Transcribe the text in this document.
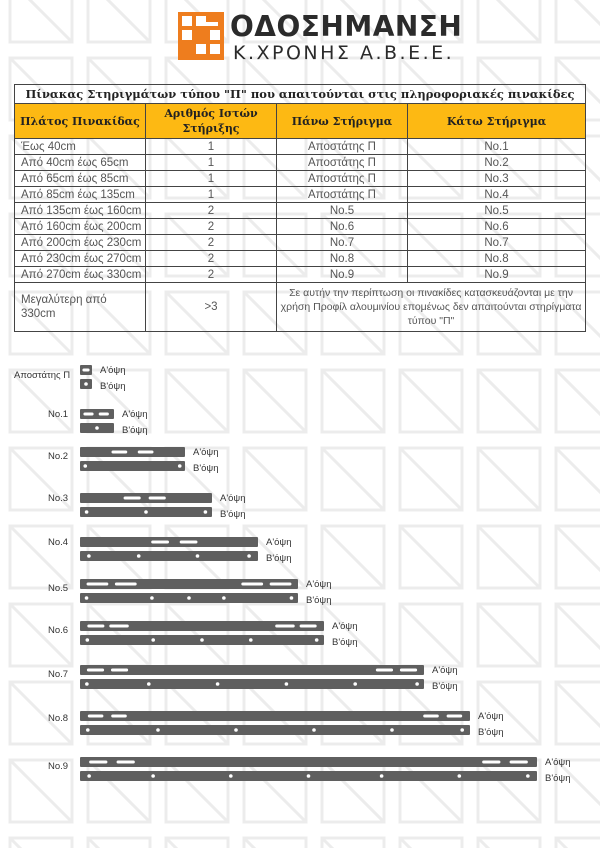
ΟΔΟΣΗΜΑΝΣΗ
Κ.ΧΡΟΝΗΣ Α.Β.Ε.Ε.
Πίνακας Στηριγμάτων τύπου "Π" που απαιτούνται στις πληροφοριακές πινακίδες			
Πλάτος Πινακίδας	Αριθμός Ιστών Στήριξης	Πάνω Στήριγμα	Κάτω Στήριγμα
Έως 40cm	1	Αποστάτης Π	No.1
Από 40cm έως 65cm	1	Αποστάτης Π	No.2
Από 65cm έως 85cm	1	Αποστάτης Π	No.3
Από 85cm έως 135cm	1	Αποστάτης Π	No.4
Από 135cm έως 160cm	2	No.5	No.5
Από 160cm έως 200cm	2	No.6	No.6
Από 200cm έως 230cm	2	No.7	No.7
Από 230cm έως 270cm	2	No.8	No.8
Από 270cm έως 330cm	2	No.9	No.9
Μεγαλύτερη από 330cm	>3	Σε αυτήν την περίπτωση οι πινακίδες κατασκευάζονται με την χρήση Προφίλ αλουμινίου επομένως δεν απαιτούνται στηρίγματα τύπου "Π"	
Αποστάτης Π	Α'όψη
Β'όψη
No.1	Α'όψη
Β'όψη
No.2	Α'όψη
Β'όψη
No.3	Α'όψη
Β'όψη
No.4	Α'όψη
Β'όψη
No.5	Α'όψη
Β'όψη
No.6	Α'όψη
Β'όψη
No.7	Α'όψη
Β'όψη
No.8	Α'όψη
Β'όψη
No.9	Α'όψη
Β'όψη
